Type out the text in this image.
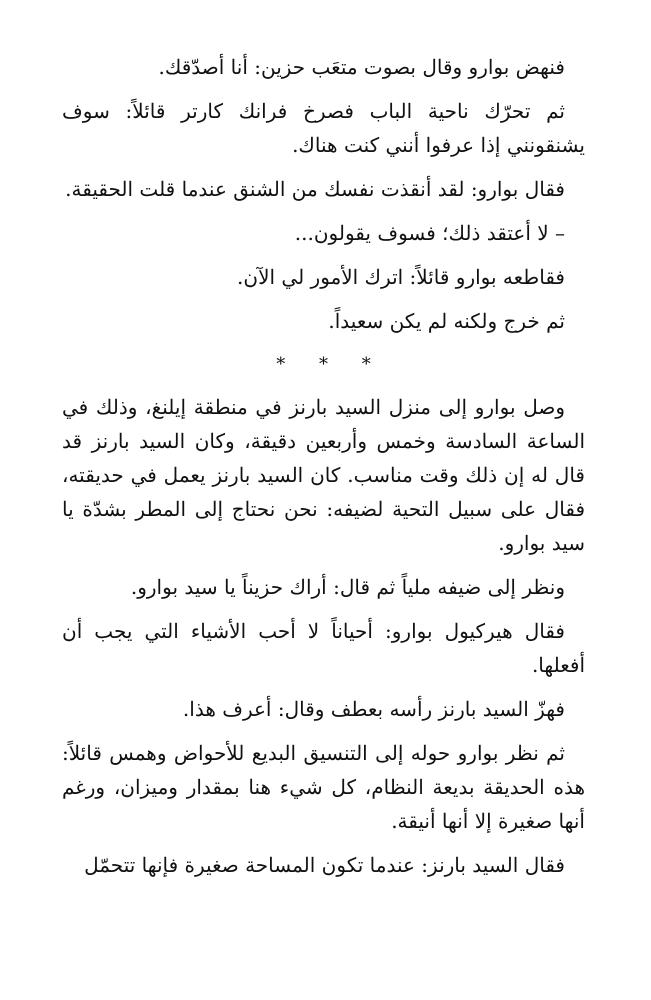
فنهض بوارو وقال بصوت متعَب حزين: أنا أصدّقك.

ثم تحرّك ناحية الباب فصرخ فرانك كارتر قائلاً: سوف يشنقونني إذا عرفوا أنني كنت هناك.

فقال بوارو: لقد أنقذت نفسك من الشنق عندما قلت الحقيقة.

– لا أعتقد ذلك؛ فسوف يقولون...

فقاطعه بوارو قائلاً: اترك الأمور لي الآن.

ثم خرج ولكنه لم يكن سعيداً.

* * *

وصل بوارو إلى منزل السيد بارنز في منطقة إيلنغ، وذلك في الساعة السادسة وخمس وأربعين دقيقة، وكان السيد بارنز قد قال له إن ذلك وقت مناسب. كان السيد بارنز يعمل في حديقته، فقال على سبيل التحية لضيفه: نحن نحتاج إلى المطر بشدّة يا سيد بوارو.

ونظر إلى ضيفه ملياً ثم قال: أراك حزيناً يا سيد بوارو.

فقال هيركيول بوارو: أحياناً لا أحب الأشياء التي يجب أن أفعلها.

فهزّ السيد بارنز رأسه بعطف وقال: أعرف هذا.

ثم نظر بوارو حوله إلى التنسيق البديع للأحواض وهمس قائلاً: هذه الحديقة بديعة النظام، كل شيء هنا بمقدار وميزان، ورغم أنها صغيرة إلا أنها أنيقة.

فقال السيد بارنز: عندما تكون المساحة صغيرة فإنها تتحمّل
